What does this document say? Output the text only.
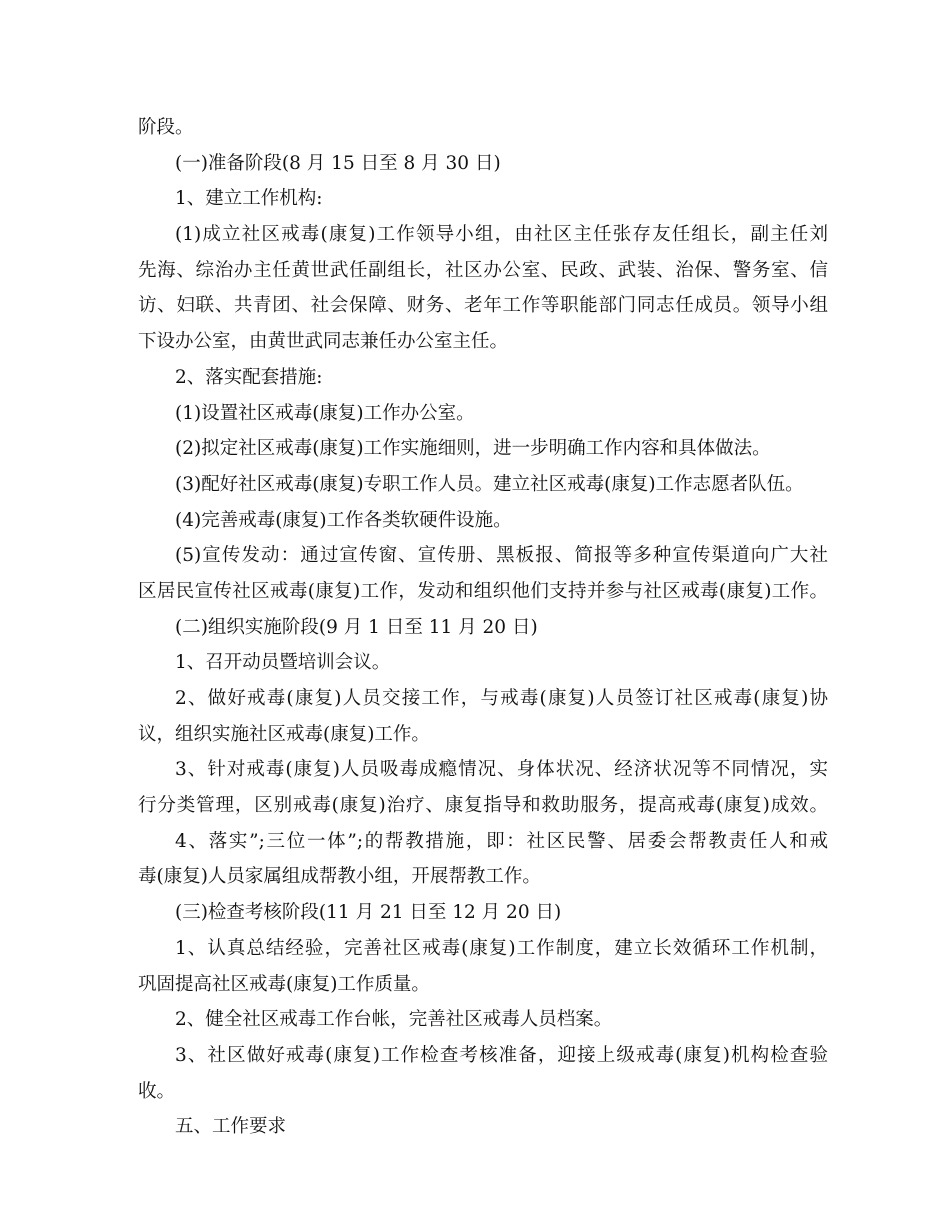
阶段。
(一)准备阶段(8 月 15 日至 8 月 30 日)
1、建立工作机构:
(1)成立社区戒毒(康复)工作领导小组，由社区主任张存友任组长，副主任刘
先海、综治办主任黄世武任副组长，社区办公室、民政、武装、治保、警务室、信
访、妇联、共青团、社会保障、财务、老年工作等职能部门同志任成员。领导小组
下设办公室，由黄世武同志兼任办公室主任。
2、落实配套措施:
(1)设置社区戒毒(康复)工作办公室。
(2)拟定社区戒毒(康复)工作实施细则，进一步明确工作内容和具体做法。
(3)配好社区戒毒(康复)专职工作人员。建立社区戒毒(康复)工作志愿者队伍。
(4)完善戒毒(康复)工作各类软硬件设施。
(5)宣传发动：通过宣传窗、宣传册、黑板报、简报等多种宣传渠道向广大社
区居民宣传社区戒毒(康复)工作，发动和组织他们支持并参与社区戒毒(康复)工作。
(二)组织实施阶段(9 月 1 日至 11 月 20 日)
1、召开动员暨培训会议。
2、做好戒毒(康复)人员交接工作，与戒毒(康复)人员签订社区戒毒(康复)协
议，组织实施社区戒毒(康复)工作。
3、针对戒毒(康复)人员吸毒成瘾情况、身体状况、经济状况等不同情况，实
行分类管理，区别戒毒(康复)治疗、康复指导和救助服务，提高戒毒(康复)成效。
4、落实”;三位一体”;的帮教措施，即：社区民警、居委会帮教责任人和戒
毒(康复)人员家属组成帮教小组，开展帮教工作。
(三)检查考核阶段(11 月 21 日至 12 月 20 日)
1、认真总结经验，完善社区戒毒(康复)工作制度，建立长效循环工作机制，
巩固提高社区戒毒(康复)工作质量。
2、健全社区戒毒工作台帐，完善社区戒毒人员档案。
3、社区做好戒毒(康复)工作检查考核准备，迎接上级戒毒(康复)机构检查验
收。
五、工作要求
